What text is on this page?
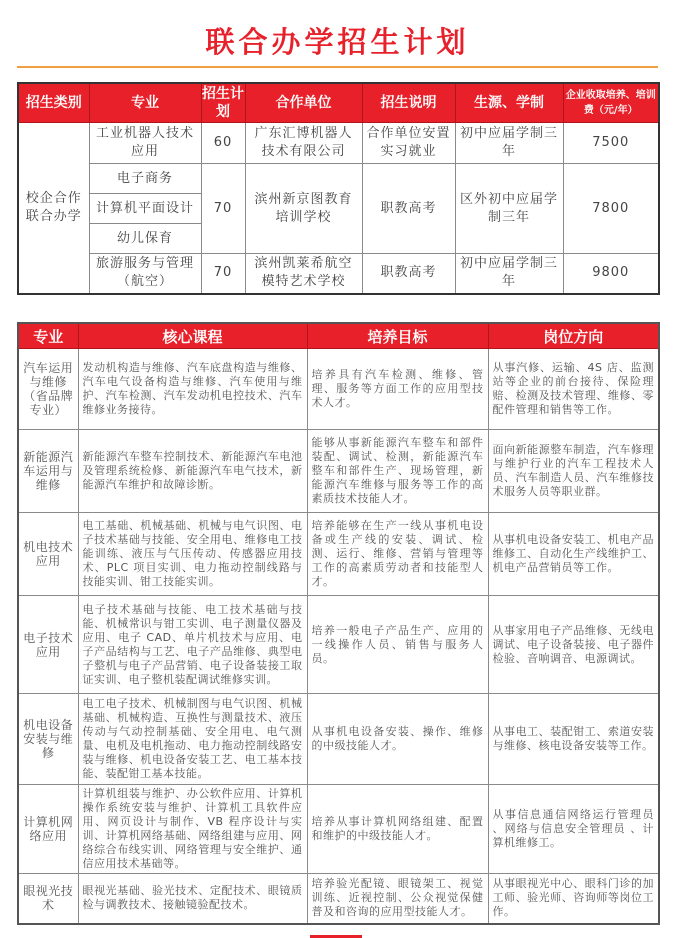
联合办学招生计划
招生类别	专业	招生计划	合作单位	招生说明	生源、学制	企业收取培养、培训费（元/年）
校企合作联合办学	工业机器人技术应用	60	广东汇博机器人技术有限公司	合作单位安置实习就业	初中应届学制三年	7500
	电子商务	70	滨州新京图教育培训学校	职教高考	区外初中应届学制三年	7800
	计算机平面设计					
	幼儿保育					
	旅游服务与管理（航空）	70	滨州凯莱希航空模特艺术学校	职教高考	初中应届学制三年	9800
专业	核心课程	培养目标	岗位方向
汽车运用与维修（省品牌专业）	发动机构造与维修、汽车底盘构造与维修、汽车电气设备构造与维修、汽车使用与维护、汽车检测、汽车发动机电控技术、汽车维修业务接待。	培养具有汽车检测、维修、管理、服务等方面工作的应用型技术人才。	从事汽修、运输、4S 店、监测站等企业的前台接待、保险理赔、检测及技术管理、维修、零配件管理和销售等工作。
新能源汽车运用与维修	新能源汽车整车控制技术、新能源汽车电池及管理系统检修、新能源汽车电气技术，新能源汽车维护和故障诊断。	能够从事新能源汽车整车和部件装配、调试、检测，新能源汽车整车和部件生产、现场管理，新能源汽车维修与服务等工作的高素质技术技能人才。	面向新能源整车制造，汽车修理与维护行业的汽车工程技术人员、汽车制造人员、汽车维修技术服务人员等职业群。
机电技术应用	电工基础、机械基础、机械与电气识图、电子技术基础与技能、安全用电、维修电工技能训练、液压与气压传动、传感器应用技术、PLC 项目实训、电力拖动控制线路与技能实训、钳工技能实训。	培养能够在生产一线从事机电设备或生产线的安装、调试、检测、运行、维修、营销与管理等工作的高素质劳动者和技能型人才。	从事机电设备安装工、机电产品维修工、自动化生产线维护工、机电产品营销员等工作。
电子技术应用	电子技术基础与技能、电工技术基础与技能、机械常识与钳工实训、电子测量仪器及应用、电子 CAD、单片机技术与应用、电子产品结构与工艺、电子产品维修、典型电子整机与电子产品营销、电子设备装接工取证实训、电子整机装配调试维修实训。	培养一般电子产品生产、应用的一线操作人员、销售与服务人员。	从事家用电子产品维修、无线电调试、电子设备装接、电子器件检验、音响调音、电源调试。
机电设备安装与维修	电工电子技术、机械制图与电气识图、机械基础、机械构造、互换性与测量技术、液压传动与气动控制基础、安全用电、电气测量、电机及电机拖动、电力拖动控制线路安装与维修、机电设备安装工艺、电工基本技能、装配钳工基本技能。	从事机电设备安装、操作、维修的中级技能人才。	从事电工、装配钳工、索道安装与维修、核电设备安装等工作。
计算机网络应用	计算机组装与维护、办公软件应用、计算机操作系统安装与维护、计算机工具软件应用、网页设计与制作、VB 程序设计与实训、计算机网络基础、网络组建与应用、网络综合布线实训、网络管理与安全维护、通信应用技术基础等。	培养从事计算机网络组建、配置和维护的中级技能人才。	从事信息通信网络运行管理员 、网络与信息安全管理员 、计算机维修工。
眼视光技术	眼视光基础、验光技术、定配技术、眼镜质检与调教技术、接触镜验配技术。	培养验光配镜、眼镜架工、视觉训练、近视控制、公众视觉保健普及和咨询的应用型技能人才。	从事眼视光中心、眼科门诊的加工师、验光师、咨询师等岗位工作。
